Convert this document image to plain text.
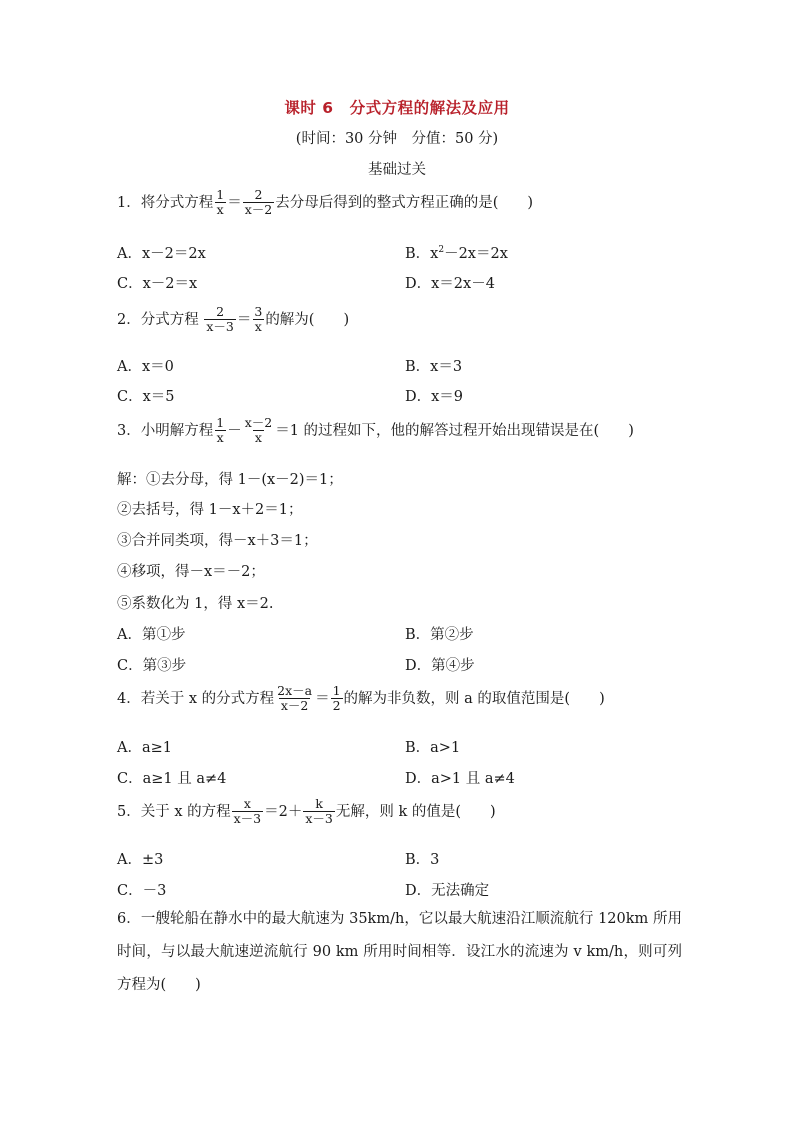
课时 6　分式方程的解法及应用
(时间：30 分钟　分值：50 分)
基础过关
1．将分式方程 $\frac{1}{x} = \frac{2}{x-2}$ 去分母后得到的整式方程正确的是(　　)
A．x－2＝2x	B．$x^2-2x=2x$
C．x－2＝x	D．x＝2x－4
2．分式方程 $\frac{2}{x-3} = \frac{3}{x}$ 的解为(　　)
A．x＝0	B．x＝3
C．x＝5	D．x＝9
3．小明解方程 $\frac{1}{x} - \frac{x-2}{x} =1$ 的过程如下，他的解答过程开始出现错误是在(　　)
解：①去分母，得 1－(x－2)＝1；
②去括号，得 1－x＋2＝1；
③合并同类项，得－x＋3＝1；
④移项，得－x＝－2；
⑤系数化为 1，得 x＝2.
A．第①步	B．第②步
C．第③步	D．第④步
4．若关于 x 的分式方程 $\frac{2x-a}{x-2} = \frac{1}{2}$ 的解为非负数，则 a 的取值范围是(　　)
A．a≥1	B．a>1
C．a≥1 且 a≠4	D．a>1 且 a≠4
5．关于 x 的方程 $\frac{x}{x-3} =2+ \frac{k}{x-3}$ 无解，则 k 的值是(　　)
A．±3	B．3
C．－3	D．无法确定
6．一艘轮船在静水中的最大航速为 35km/h，它以最大航速沿江顺流航行 120km 所用时间，与以最大航速逆流航行 90 km 所用时间相等．设江水的流速为 v km/h，则可列方程为(　　)
